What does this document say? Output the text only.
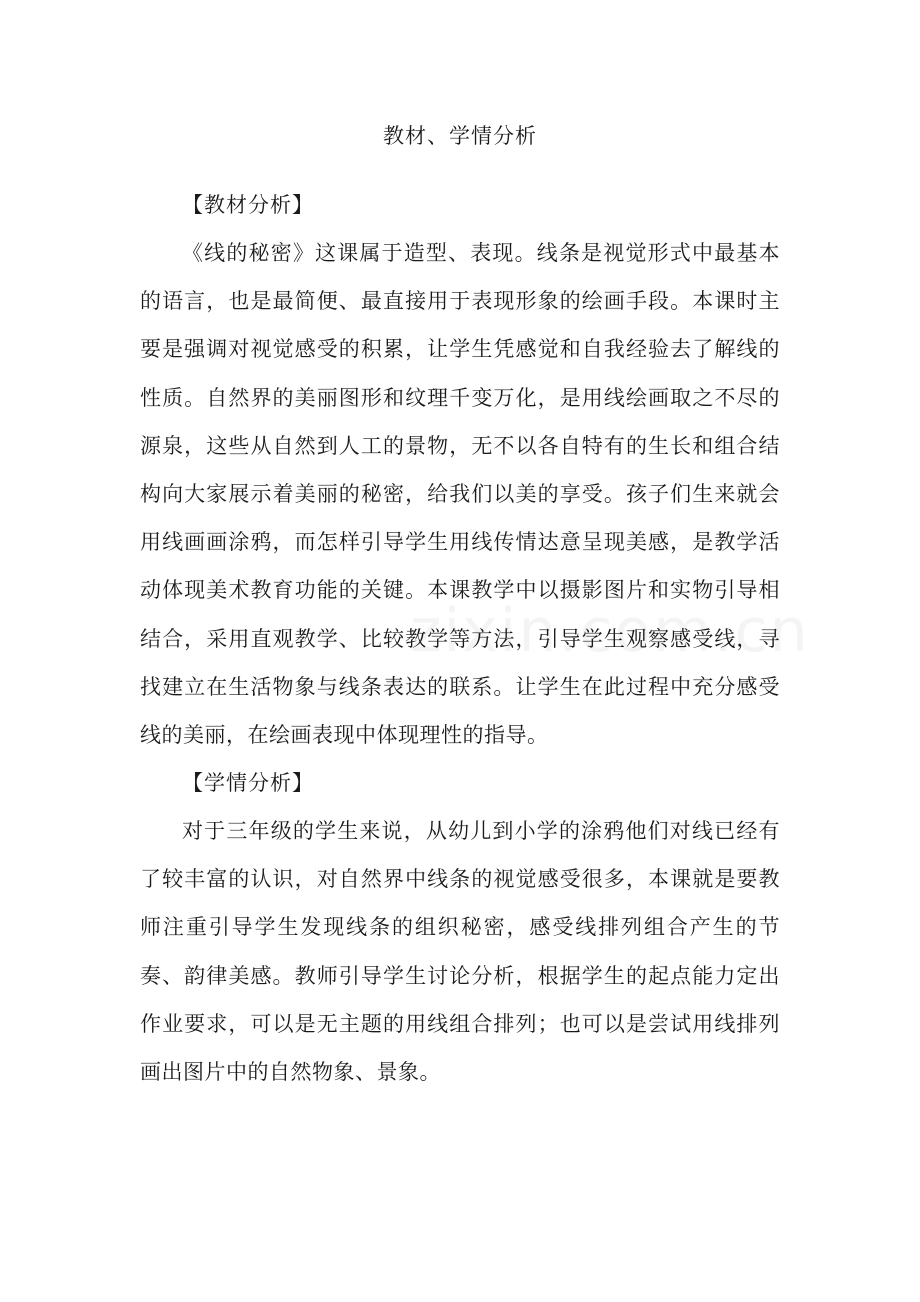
教材、学情分析
【教材分析】
《线的秘密》这课属于造型、表现。线条是视觉形式中最基本的语言，也是最简便、最直接用于表现形象的绘画手段。本课时主要是强调对视觉感受的积累，让学生凭感觉和自我经验去了解线的性质。自然界的美丽图形和纹理千变万化，是用线绘画取之不尽的源泉，这些从自然到人工的景物，无不以各自特有的生长和组合结构向大家展示着美丽的秘密，给我们以美的享受。孩子们生来就会用线画画涂鸦，而怎样引导学生用线传情达意呈现美感，是教学活动体现美术教育功能的关键。本课教学中以摄影图片和实物引导相结合，采用直观教学、比较教学等方法，引导学生观察感受线，寻找建立在生活物象与线条表达的联系。让学生在此过程中充分感受线的美丽，在绘画表现中体现理性的指导。
【学情分析】
对于三年级的学生来说，从幼儿到小学的涂鸦他们对线已经有了较丰富的认识，对自然界中线条的视觉感受很多，本课就是要教师注重引导学生发现线条的组织秘密，感受线排列组合产生的节奏、韵律美感。教师引导学生讨论分析，根据学生的起点能力定出作业要求，可以是无主题的用线组合排列；也可以是尝试用线排列画出图片中的自然物象、景象。
